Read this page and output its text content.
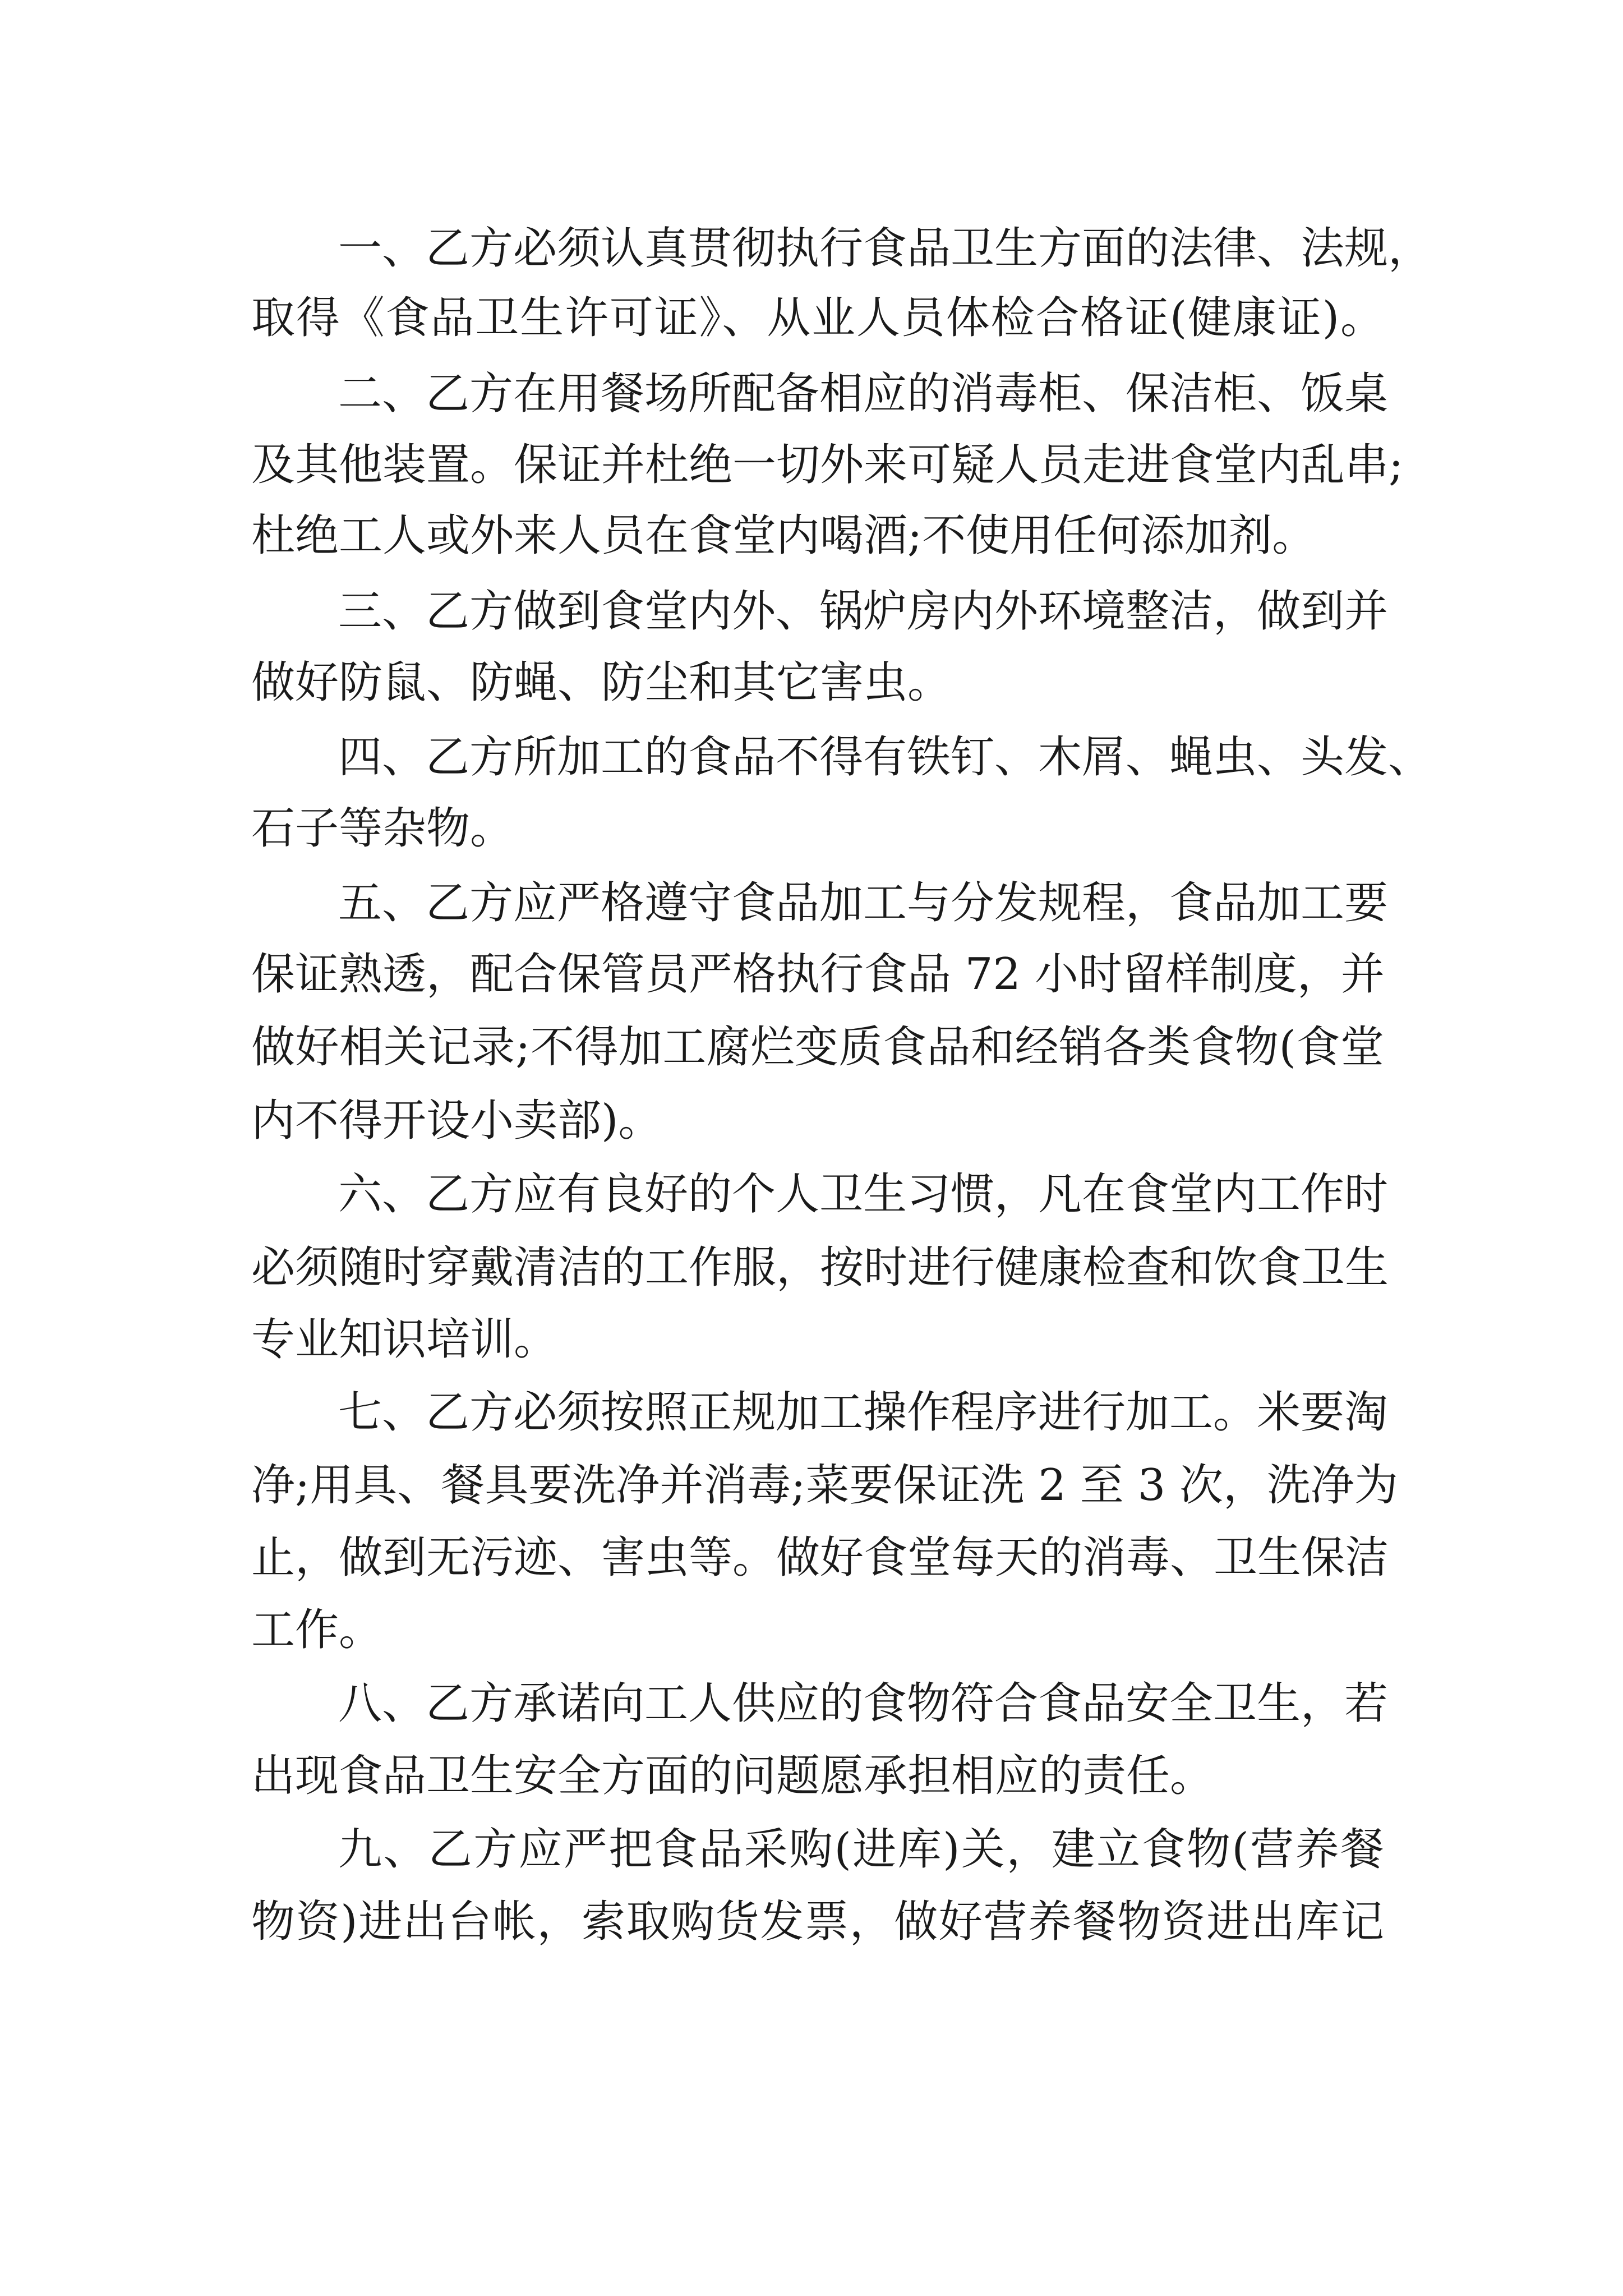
一、乙方必须认真贯彻执行食品卫生方面的法律、法规，
取得《食品卫生许可证》、从业人员体检合格证(健康证)。
二、乙方在用餐场所配备相应的消毒柜、保洁柜、饭桌
及其他装置。保证并杜绝一切外来可疑人员走进食堂内乱串;
杜绝工人或外来人员在食堂内喝酒;不使用任何添加剂。
三、乙方做到食堂内外、锅炉房内外环境整洁，做到并
做好防鼠、防蝇、防尘和其它害虫。
四、乙方所加工的食品不得有铁钉、木屑、蝇虫、头发、
石子等杂物。
五、乙方应严格遵守食品加工与分发规程，食品加工要
保证熟透，配合保管员严格执行食品 72 小时留样制度，并
做好相关记录;不得加工腐烂变质食品和经销各类食物(食堂
内不得开设小卖部)。
六、乙方应有良好的个人卫生习惯，凡在食堂内工作时
必须随时穿戴清洁的工作服，按时进行健康检查和饮食卫生
专业知识培训。
七、乙方必须按照正规加工操作程序进行加工。米要淘
净;用具、餐具要洗净并消毒;菜要保证洗 2 至 3 次，洗净为
止，做到无污迹、害虫等。做好食堂每天的消毒、卫生保洁
工作。
八、乙方承诺向工人供应的食物符合食品安全卫生，若
出现食品卫生安全方面的问题愿承担相应的责任。
九、乙方应严把食品采购(进库)关，建立食物(营养餐
物资)进出台帐，索取购货发票，做好营养餐物资进出库记
